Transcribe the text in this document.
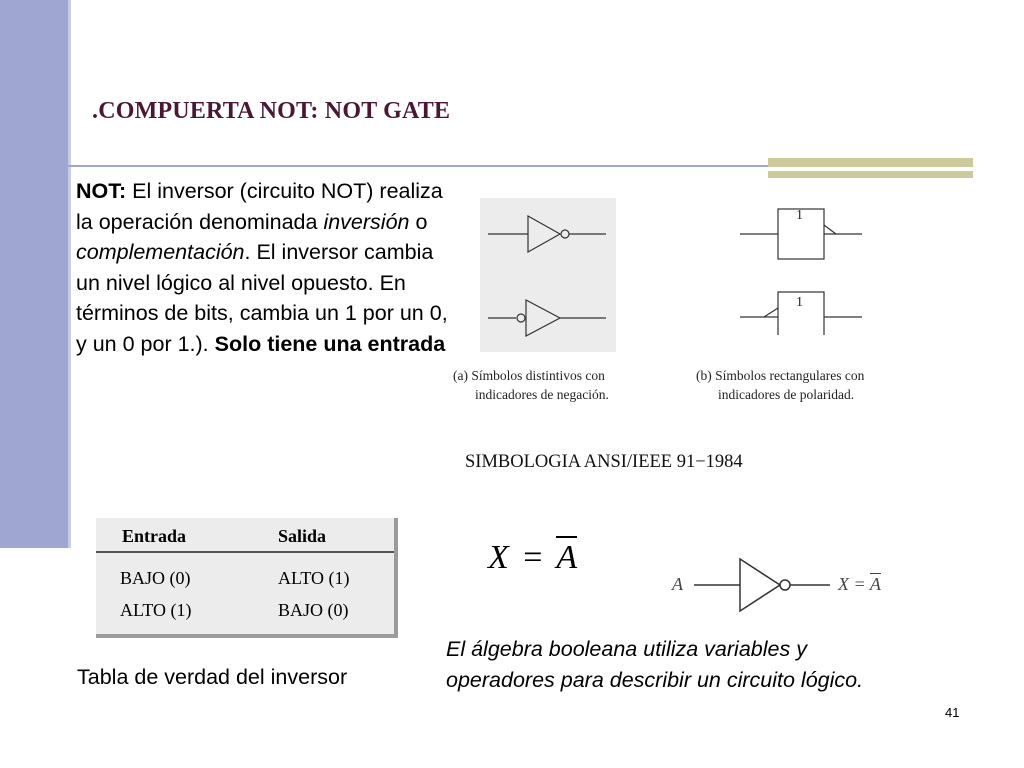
.COMPUERTA NOT: NOT GATE
NOT: El inversor (circuito NOT) realiza la operación denominada inversión o complementación. El inversor cambia un nivel lógico al nivel opuesto. En términos de bits, cambia un 1 por un 0, y un 0 por 1.). Solo tiene una entrada
(a) Símbolos distintivos con
indicadores de negación.
1
1
(b) Símbolos rectangulares con
indicadores de polaridad.
SIMBOLOGIA ANSI/IEEE 91−1984
Entrada	Salida
BAJO (0)	ALTO (1)
ALTO (1)	BAJO (0)
Tabla de verdad del inversor
X = A
A	X = A
El álgebra booleana utiliza variables y operadores para describir un circuito lógico.
41
